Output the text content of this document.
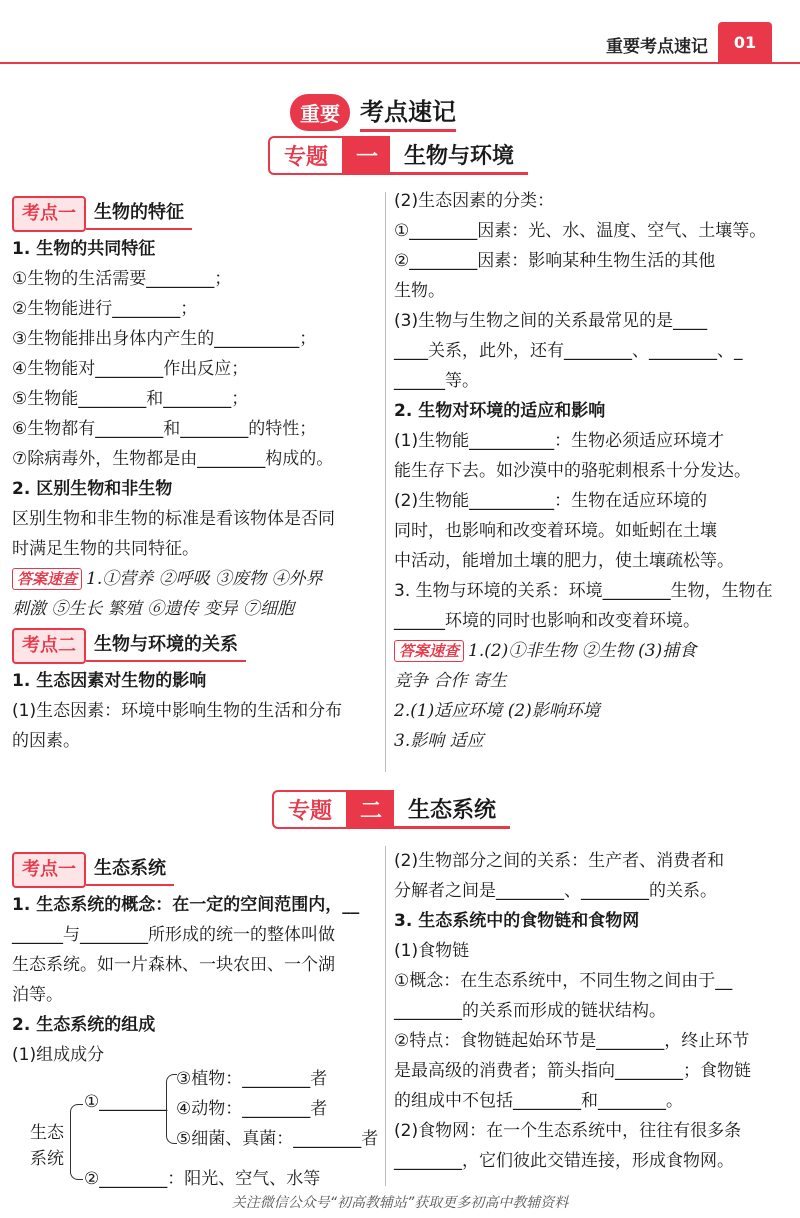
重要考点速记	01
重要 考点速记
专题	一	生物与环境
考点一	生物的特征

1. 生物的共同特征

①生物的生活需要________；

②生物能进行________；

③生物能排出身体内产生的__________；

④生物能对________作出反应；

⑤生物能________和________；

⑥生物都有________和________的特性；

⑦除病毒外，生物都是由________构成的。

2. 区别生物和非生物

区别生物和非生物的标准是看该物体是否同

时满足生物的共同特征。

答案速查 1.①营养 ②呼吸 ③废物 ④外界

刺激 ⑤生长 繁殖 ⑥遗传 变异 ⑦细胞

考点二	生物与环境的关系

1. 生态因素对生物的影响

(1)生态因素：环境中影响生物的生活和分布

的因素。

(2)生态因素的分类：

①________因素：光、水、温度、空气、土壤等。

②________因素：影响某种生物生活的其他

生物。

(3)生物与生物之间的关系最常见的是____

____关系，此外，还有________、________、_

______等。

2. 生物对环境的适应和影响

(1)生物能__________：生物必须适应环境才

能生存下去。如沙漠中的骆驼刺根系十分发达。

(2)生物能__________：生物在适应环境的

同时，也影响和改变着环境。如蚯蚓在土壤

中活动，能增加土壤的肥力，使土壤疏松等。

3. 生物与环境的关系：环境________生物，生物在

______环境的同时也影响和改变着环境。

答案速查 1.(2)①非生物 ②生物 (3)捕食

竞争 合作 寄生

2.(1)适应环境 (2)影响环境

3.影响 适应

专题	二	生态系统
考点一	生态系统

1. 生态系统的概念：在一定的空间范围内，__

______与________所形成的统一的整体叫做

生态系统。如一片森林、一块农田、一个湖

泊等。

2. 生态系统的组成

(1)组成成分

生态
系统
①________
②________：阳光、空气、水等
③植物：________者
④动物：________者
⑤细菌、真菌：________者

(2)生物部分之间的关系：生产者、消费者和

分解者之间是________、________的关系。

3. 生态系统中的食物链和食物网

(1)食物链

①概念：在生态系统中，不同生物之间由于__

________的关系而形成的链状结构。

②特点：食物链起始环节是________，终止环节

是最高级的消费者；箭头指向________；食物链

的组成中不包括________和________。

(2)食物网：在一个生态系统中，往往有很多条

________，它们彼此交错连接，形成食物网。

关注微信公众号“初高教辅站”获取更多初高中教辅资料
